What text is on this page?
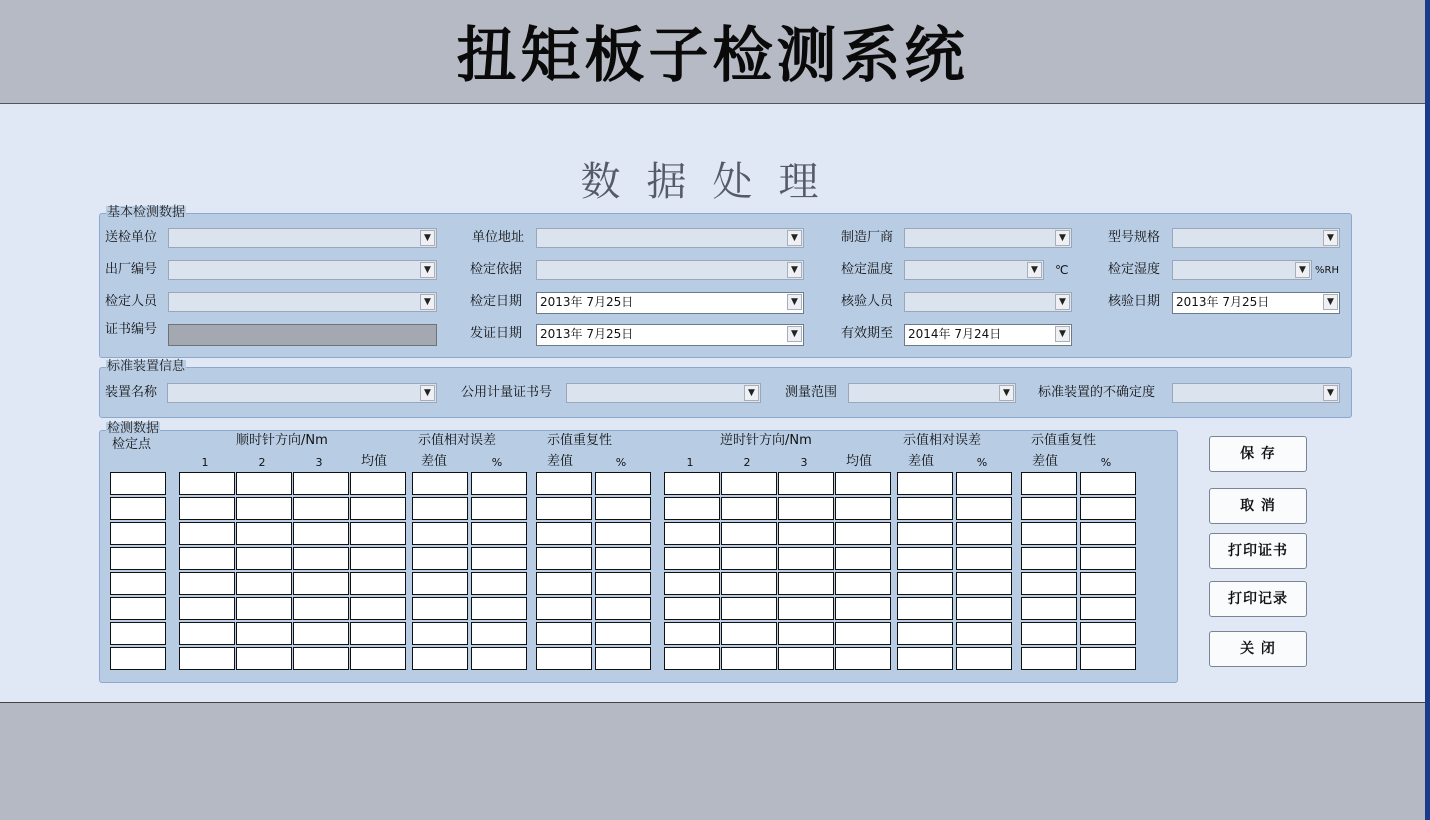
扭矩板子检测系统
数据处理
基本检测数据
送检单位	▼	单位地址	▼	制造厂商	▼	型号规格	▼
出厂编号	▼	检定依据	▼	检定温度	▼	℃	检定湿度	▼ %RH
检定人员	▼	检定日期 2013年 7月25日	▼	核验人员	▼	核验日期 2013年 7月25日	▼
证书编号	发证日期 2013年 7月25日	▼	有效期至 2014年 7月24日	▼
标准装置信息
装置名称	▼	公用计量证书号	▼	测量范围	▼	标准装置的不确定度	▼
检测数据
检定点	顺时针方向/Nm	示值相对误差	示值重复性	逆时针方向/Nm	示值相对误差	示值重复性
1	2	3	均值	差值	%	差值	%	1	2	3	均值	差值	%	差值	%
保 存
取 消
打印证书
打印记录
关 闭
